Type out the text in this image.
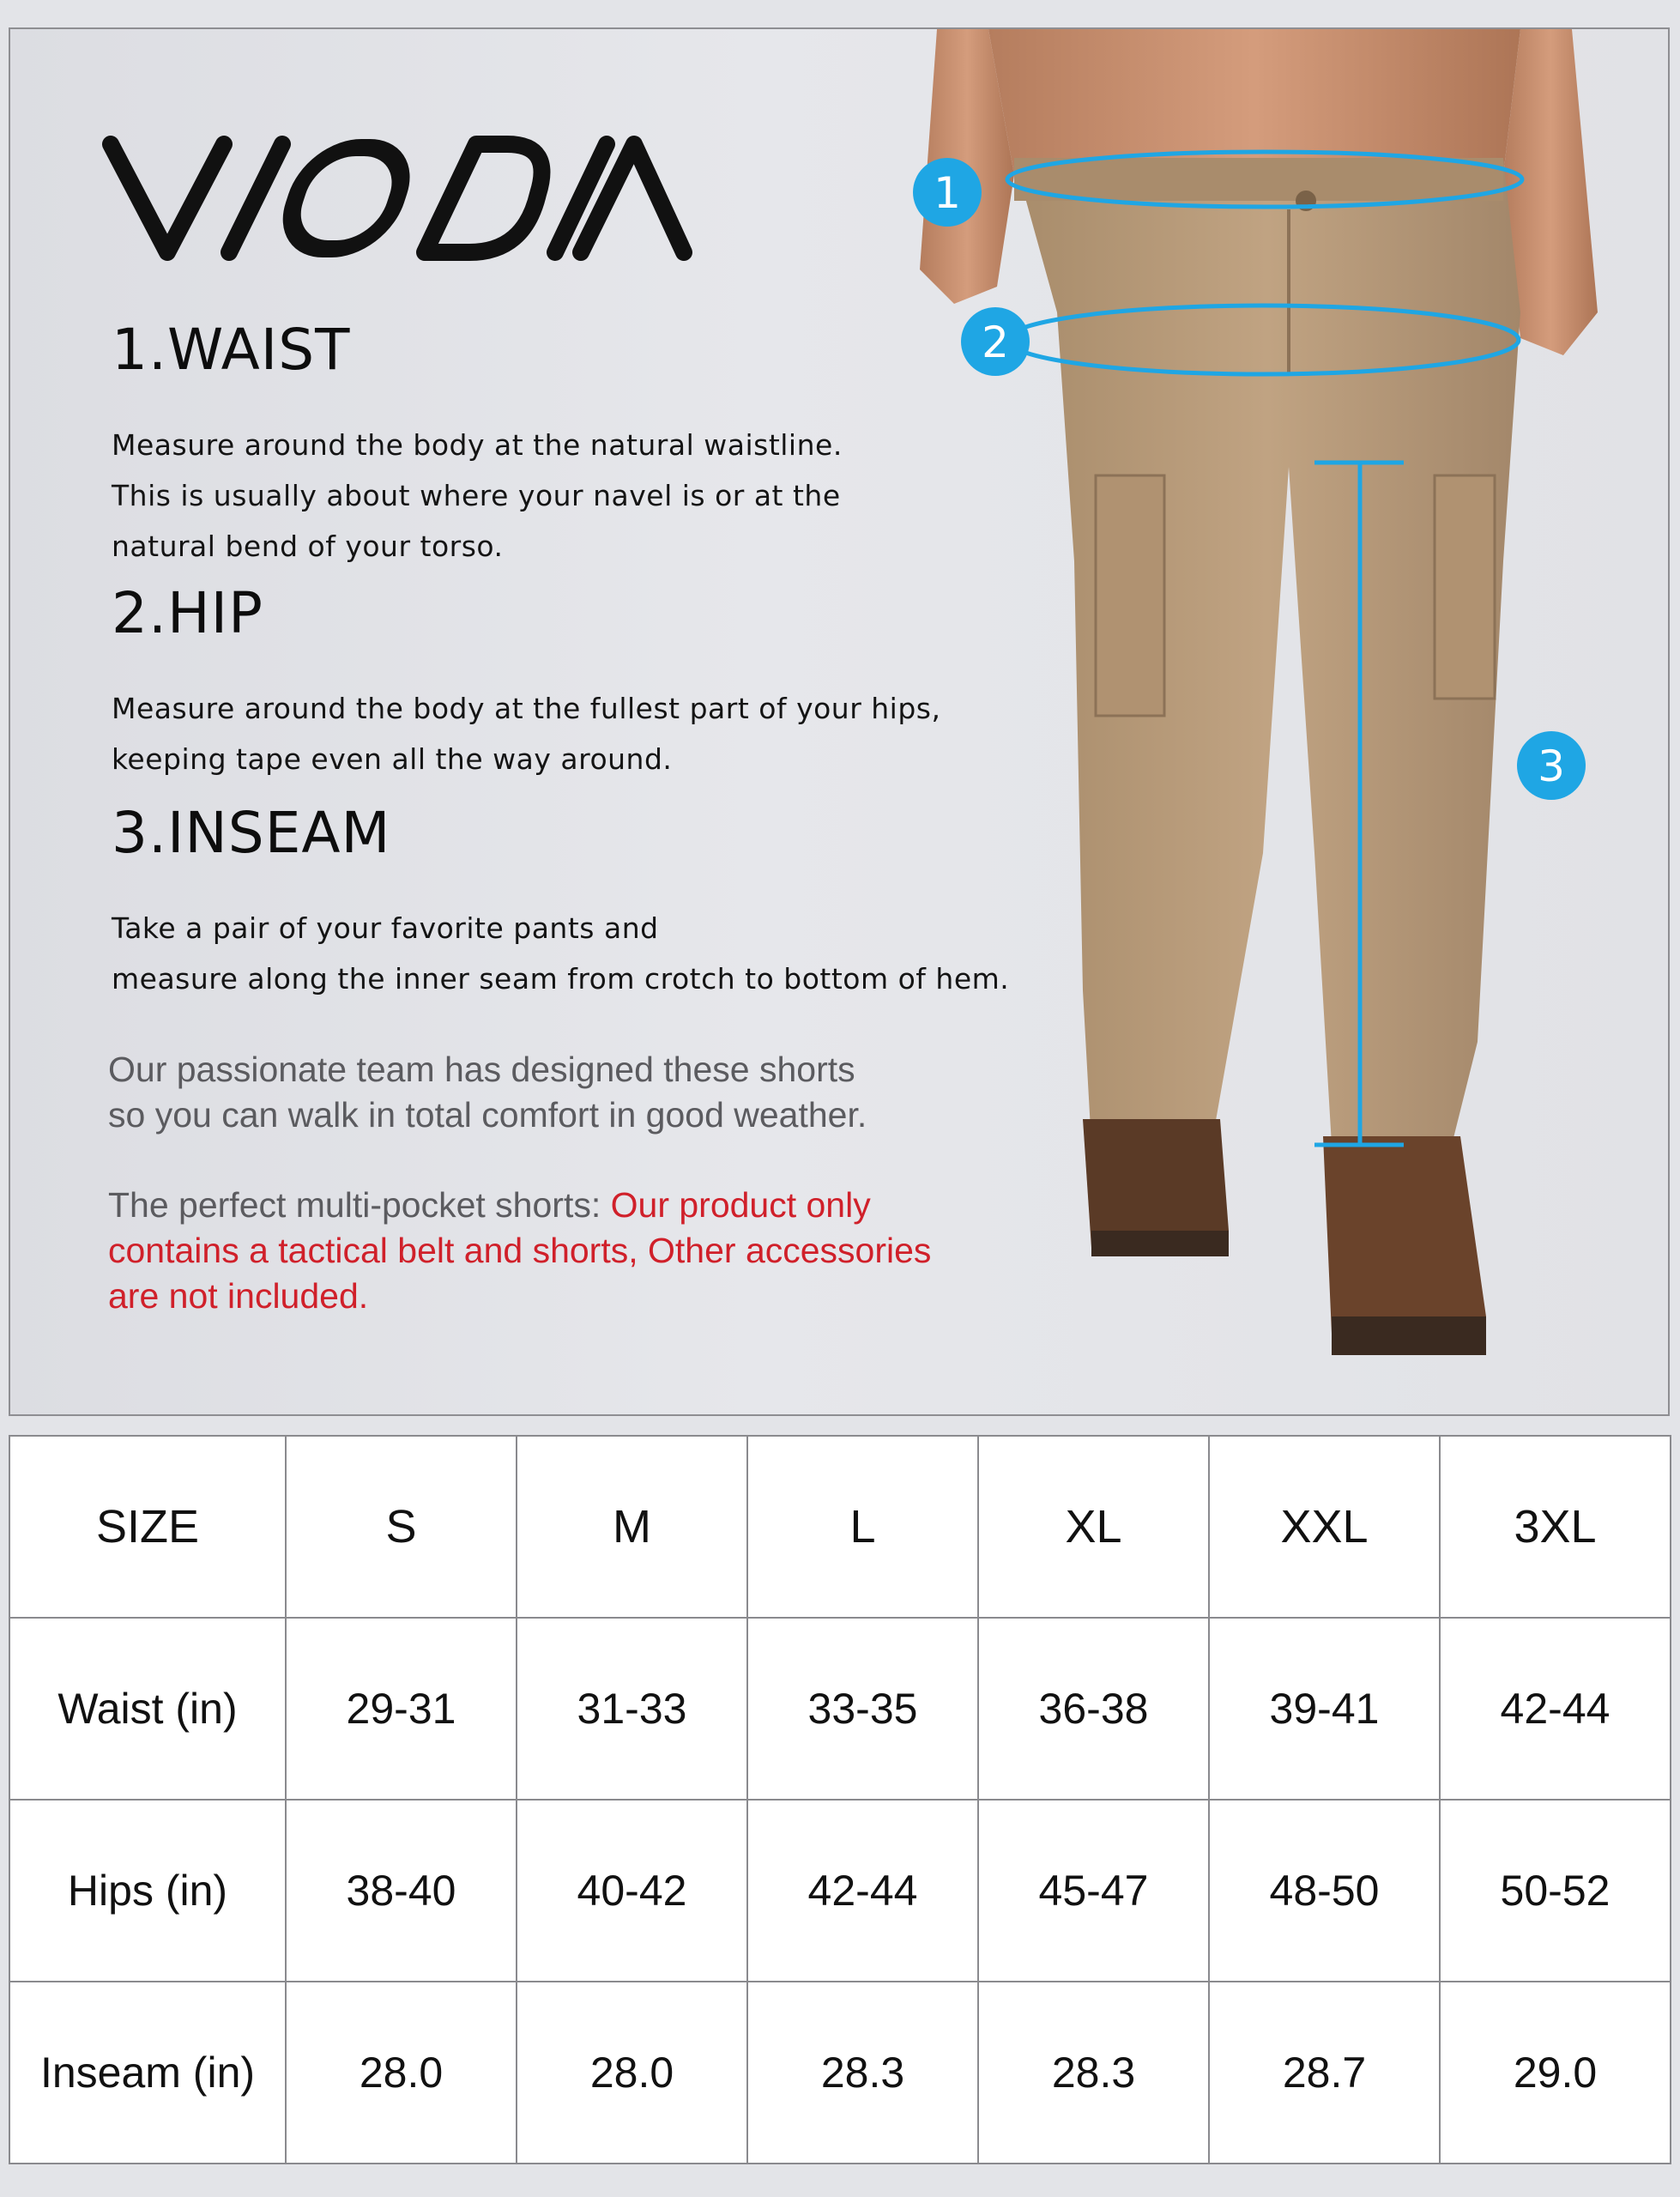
1.WAIST

Measure around the body at the natural waistline.
This is usually about where your navel is or at the
natural bend of your torso.

2.HIP

Measure around the body at the fullest part of your hips,
keeping tape even all the way around.

3.INSEAM

Take a pair of your favorite pants and
measure along the inner seam from crotch to bottom of hem.

Our passionate team has designed these shorts
so you can walk in total comfort in good weather.

The perfect multi-pocket shorts: Our product only
contains a tactical belt and shorts, Other accessories
are not included.

1
2
3
SIZE	S	M	L	XL	XXL	3XL
Waist (in)	29-31	31-33	33-35	36-38	39-41	42-44
Hips (in)	38-40	40-42	42-44	45-47	48-50	50-52
Inseam (in)	28.0	28.0	28.3	28.3	28.7	29.0
